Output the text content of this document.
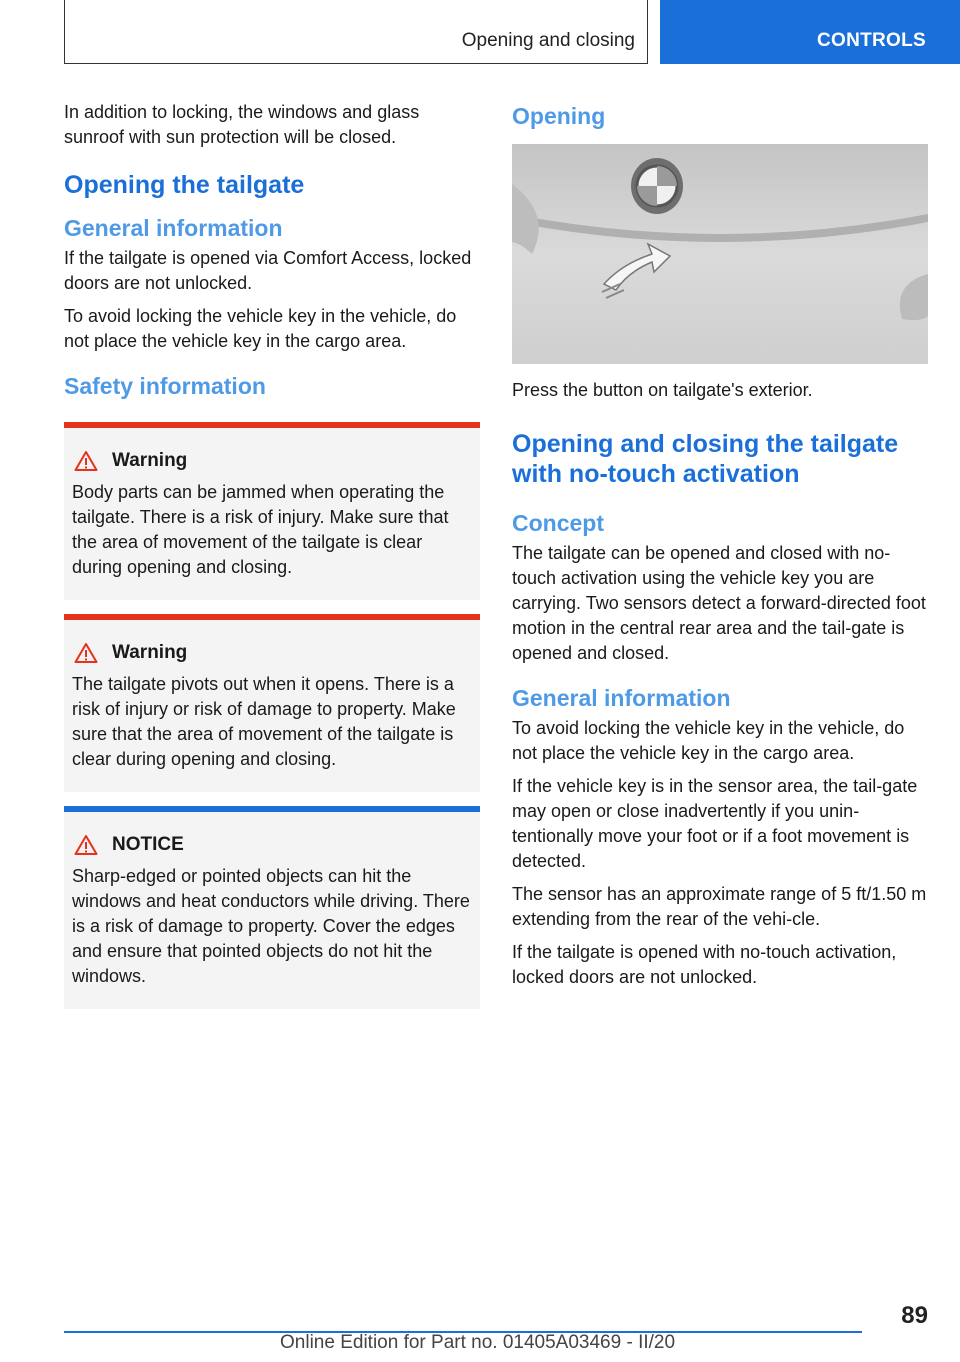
Opening and closing	CONTROLS

In addition to locking, the windows and glass sunroof with sun protection will be closed.

Opening the tailgate
General information

If the tailgate is opened via Comfort Access, locked doors are not unlocked.

To avoid locking the vehicle key in the vehicle, do not place the vehicle key in the cargo area.

Safety information
Warning

Body parts can be jammed when operating the tailgate. There is a risk of injury. Make sure that the area of movement of the tailgate is clear during opening and closing.

Warning

The tailgate pivots out when it opens. There is a risk of injury or risk of damage to property. Make sure that the area of movement of the tailgate is clear during opening and closing.

NOTICE

Sharp-edged or pointed objects can hit the windows and heat conductors while driving. There is a risk of damage to property. Cover the edges and ensure that pointed objects do not hit the windows.

Opening

Press the button on tailgate's exterior.

Opening and closing the tailgate with no-touch activation
Concept

The tailgate can be opened and closed with no-touch activation using the vehicle key you are carrying. Two sensors detect a forward-directed foot motion in the central rear area and the tail-gate is opened and closed.

General information

To avoid locking the vehicle key in the vehicle, do not place the vehicle key in the cargo area.

If the vehicle key is in the sensor area, the tail-gate may open or close inadvertently if you unin-tentionally move your foot or if a foot movement is detected.

The sensor has an approximate range of 5 ft/1.50 m extending from the rear of the vehi-cle.

If the tailgate is opened with no-touch activation, locked doors are not unlocked.

89
Online Edition for Part no. 01405A03469 - II/20
